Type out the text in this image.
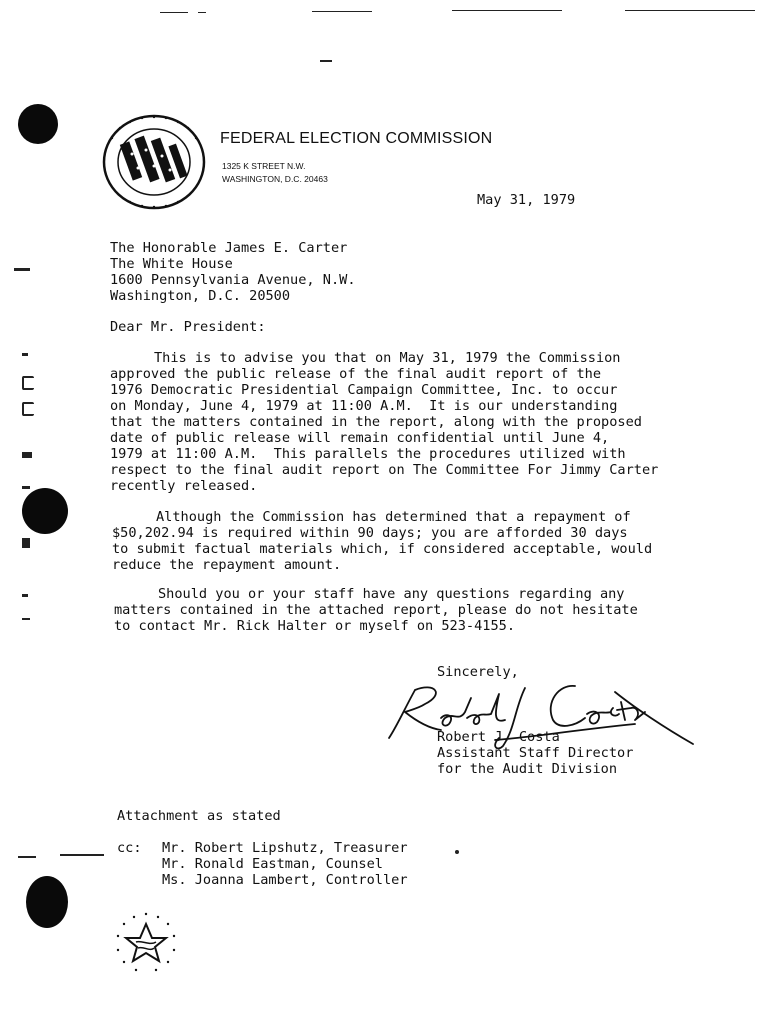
FEDERAL ELECTION COMMISSION
1325 K STREET N.W.
WASHINGTON, D.C. 20463
May 31, 1979
The Honorable James E. Carter
The White House
1600 Pennsylvania Avenue, N.W.
Washington, D.C. 20500
Dear Mr. President:

This is to advise you that on May 31, 1979 the Commission

approved the public release of the final audit report of the

1976 Democratic Presidential Campaign Committee, Inc. to occur

on Monday, June 4, 1979 at 11:00 A.M.  It is our understanding

that the matters contained in the report, along with the proposed

date of public release will remain confidential until June 4,

1979 at 11:00 A.M.  This parallels the procedures utilized with

respect to the final audit report on The Committee For Jimmy Carter

recently released.

Although the Commission has determined that a repayment of

$50,202.94 is required within 90 days; you are afforded 30 days

to submit factual materials which, if considered acceptable, would

reduce the repayment amount.

Should you or your staff have any questions regarding any

matters contained in the attached report, please do not hesitate

to contact Mr. Rick Halter or myself on 523-4155.

Sincerely,
Robert J. Costa
Assistant Staff Director
for the Audit Division
Attachment as stated
cc: Mr. Robert Lipshutz, Treasurer
Mr. Ronald Eastman, Counsel
Ms. Joanna Lambert, Controller
